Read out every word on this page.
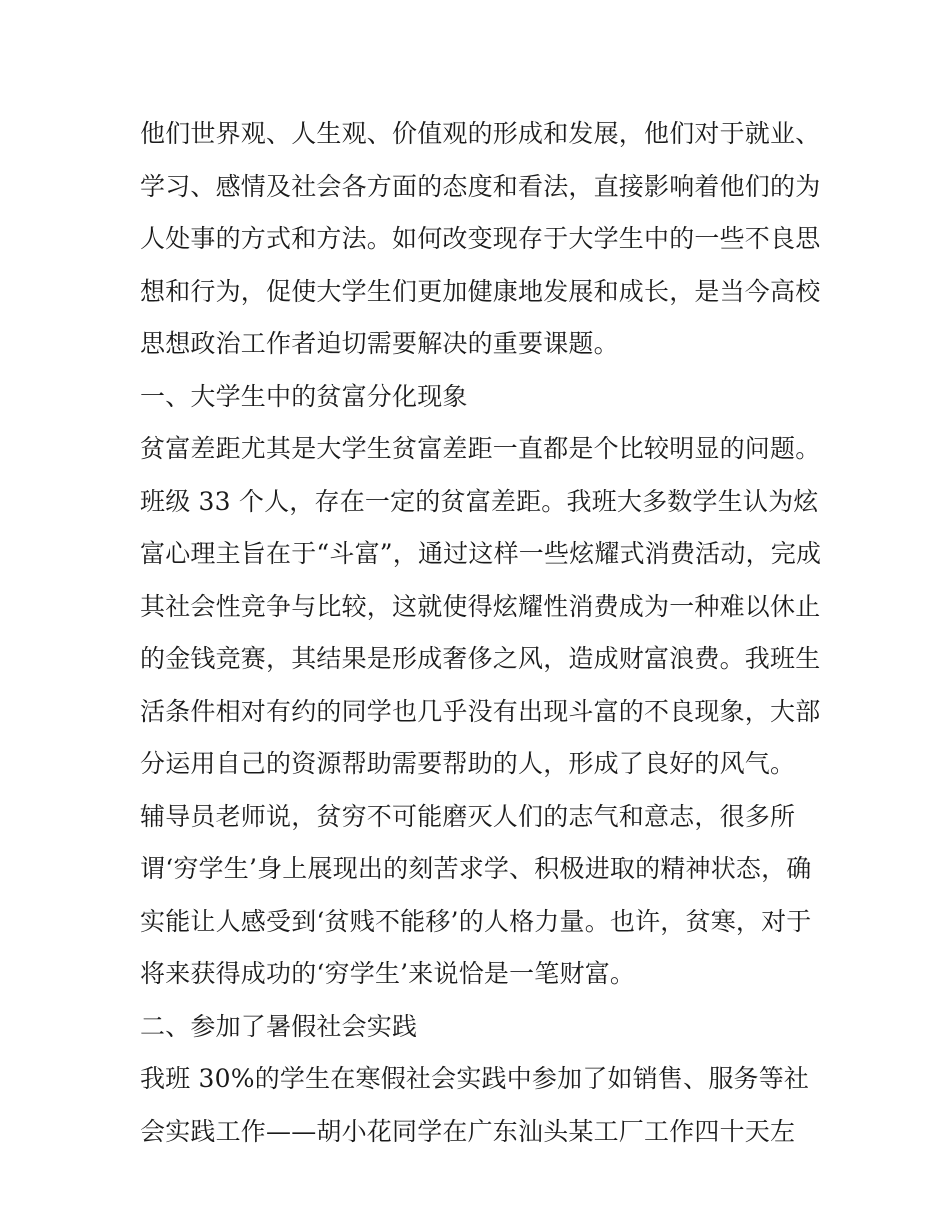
他们世界观、人生观、价值观的形成和发展，他们对于就业、
学习、感情及社会各方面的态度和看法，直接影响着他们的为
人处事的方式和方法。如何改变现存于大学生中的一些不良思
想和行为，促使大学生们更加健康地发展和成长，是当今高校
思想政治工作者迫切需要解决的重要课题。
一、大学生中的贫富分化现象
贫富差距尤其是大学生贫富差距一直都是个比较明显的问题。
班级 33 个人，存在一定的贫富差距。我班大多数学生认为炫
富心理主旨在于“斗富”，通过这样一些炫耀式消费活动，完成
其社会性竞争与比较，这就使得炫耀性消费成为一种难以休止
的金钱竞赛，其结果是形成奢侈之风，造成财富浪费。我班生
活条件相对有约的同学也几乎没有出现斗富的不良现象，大部
分运用自己的资源帮助需要帮助的人，形成了良好的风气。
辅导员老师说，贫穷不可能磨灭人们的志气和意志，很多所
谓‘穷学生’身上展现出的刻苦求学、积极进取的精神状态，确
实能让人感受到‘贫贱不能移’的人格力量。也许，贫寒，对于
将来获得成功的‘穷学生’来说恰是一笔财富。
二、参加了暑假社会实践
我班 30%的学生在寒假社会实践中参加了如销售、服务等社
会实践工作——胡小花同学在广东汕头某工厂工作四十天左
